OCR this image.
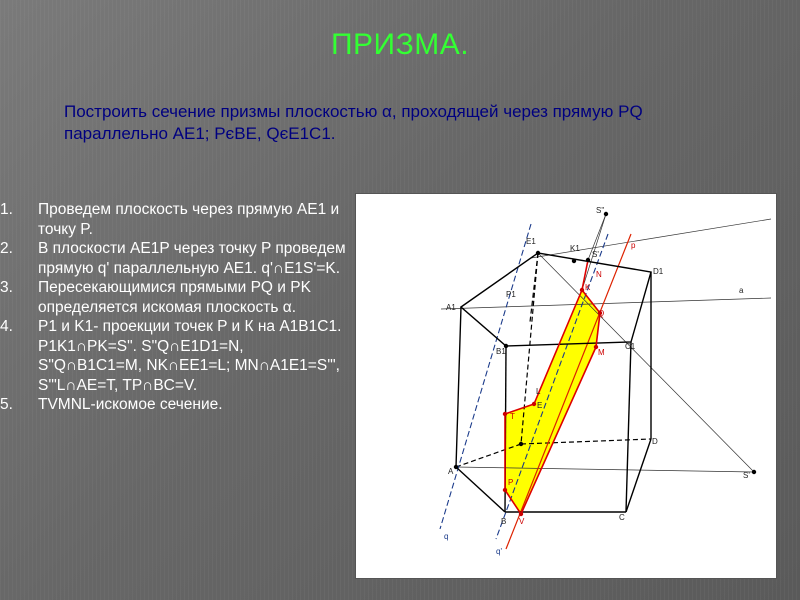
ПРИЗМА.
Построить сечение призмы плоскостью α, проходящей через прямую PQ параллельно AE1; PєBE, QєE1C1.
1. Проведем плоскость через прямую AE1 и точку P.
2. В плоскости AE1P через точку P проведем прямую q' параллельную AE1. q'∩E1S'=K.
3. Пересекающимися прямыми PQ и PK определяется искомая плоскость α.
4. P1 и K1- проекции точек P и К на A1B1C1. P1K1∩PK=S". S"Q∩E1D1=N, S"Q∩B1C1=M, NK∩EE1=L; MN∩A1E1=S'", S'"L∩AE=T, TP∩BC=V.
5. TVMNL-искомое сечение.
E1
K1
S"
S'
D1
A1
P1
B1
C1
a
p
N
K
Q
M
L
E
T
D
A
P
S'
B	C
V
q
q'
